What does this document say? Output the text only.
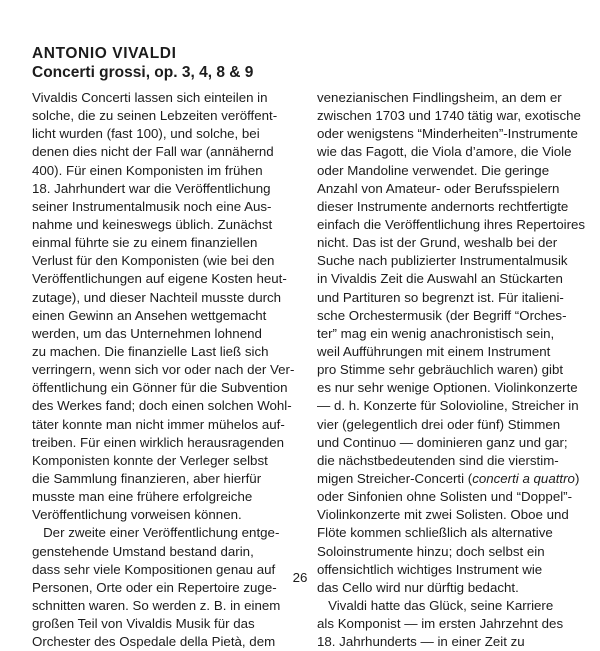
ANTONIO VIVALDI

Concerti grossi, op. 3, 4, 8 & 9

Vivaldis Concerti lassen sich einteilen in
solche, die zu seinen Lebzeiten veröffent-
licht wurden (fast 100), und solche, bei
denen dies nicht der Fall war (annähernd
400). Für einen Komponisten im frühen
18. Jahrhundert war die Veröffentlichung
seiner Instrumentalmusik noch eine Aus-
nahme und keineswegs üblich. Zunächst
einmal führte sie zu einem finanziellen
Verlust für den Komponisten (wie bei den
Veröffentlichungen auf eigene Kosten heut-
zutage), und dieser Nachteil musste durch
einen Gewinn an Ansehen wettgemacht
werden, um das Unternehmen lohnend
zu machen. Die finanzielle Last ließ sich
verringern, wenn sich vor oder nach der Ver-
öffentlichung ein Gönner für die Subvention
des Werkes fand; doch einen solchen Wohl-
täter konnte man nicht immer mühelos auf-
treiben. Für einen wirklich herausragenden
Komponisten konnte der Verleger selbst
die Sammlung finanzieren, aber hierfür
musste man eine frühere erfolgreiche
Veröffentlichung vorweisen können.
Der zweite einer Veröffentlichung entge-
genstehende Umstand bestand darin,
dass sehr viele Kompositionen genau auf
Personen, Orte oder ein Repertoire zuge-
schnitten waren. So werden z. B. in einem
großen Teil von Vivaldis Musik für das
Orchester des Ospedale della Pietà, dem
venezianischen Findlingsheim, an dem er
zwischen 1703 und 1740 tätig war, exotische
oder wenigstens “Minderheiten”-Instrumente
wie das Fagott, die Viola d’amore, die Viole
oder Mandoline verwendet. Die geringe
Anzahl von Amateur- oder Berufsspielern
dieser Instrumente andernorts rechtfertigte
einfach die Veröffentlichung ihres Repertoires
nicht. Das ist der Grund, weshalb bei der
Suche nach publizierter Instrumentalmusik
in Vivaldis Zeit die Auswahl an Stückarten
und Partituren so begrenzt ist. Für italieni-
sche Orchestermusik (der Begriff “Orches-
ter” mag ein wenig anachronistisch sein,
weil Aufführungen mit einem Instrument
pro Stimme sehr gebräuchlich waren) gibt
es nur sehr wenige Optionen. Violinkonzerte
— d. h. Konzerte für Solovioline, Streicher in
vier (gelegentlich drei oder fünf) Stimmen
und Continuo — dominieren ganz und gar;
die nächstbedeutenden sind die vierstim-
migen Streicher-Concerti (concerti a quattro)
oder Sinfonien ohne Solisten und “Doppel”-
Violinkonzerte mit zwei Solisten. Oboe und
Flöte kommen schließlich als alternative
Soloinstrumente hinzu; doch selbst ein
offensichtlich wichtiges Instrument wie
das Cello wird nur dürftig bedacht.
Vivaldi hatte das Glück, seine Karriere
als Komponist — im ersten Jahrzehnt des
18. Jahrhunderts — in einer Zeit zu
26
